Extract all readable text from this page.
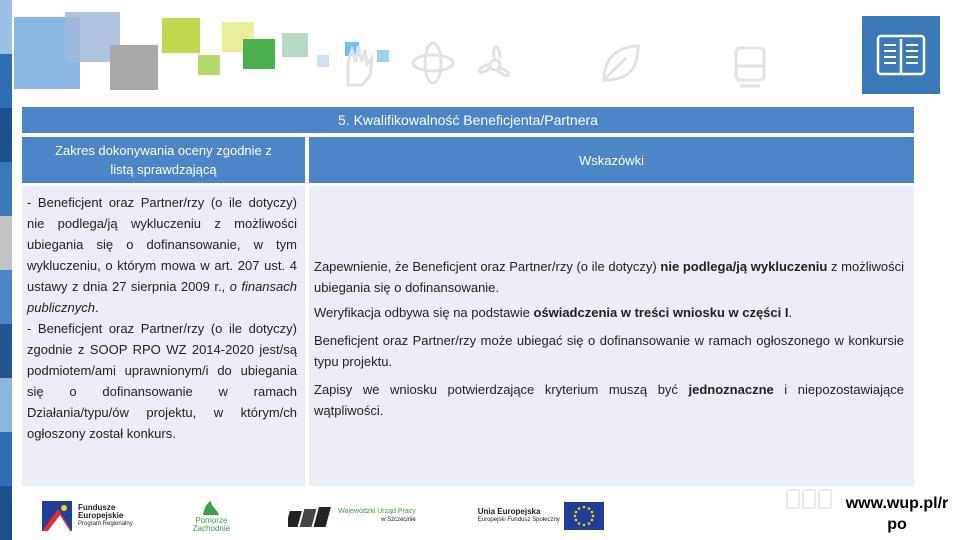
5. Kwalifikowalność Beneficjenta/Partnera
Zakres dokonywania oceny zgodnie z listą sprawdzającą
Wskazówki
- Beneficjent oraz Partner/rzy (o ile dotyczy) nie podlega/ją wykluczeniu z możliwości ubiegania się o dofinansowanie, w tym wykluczeniu, o którym mowa w art. 207 ust. 4 ustawy z dnia 27 sierpnia 2009 r., o finansach publicznych.
- Beneficjent oraz Partner/rzy (o ile dotyczy) zgodnie z SOOP RPO WZ 2014-2020 jest/są podmiotem/ami uprawnionym/i do ubiegania się o dofinansowanie w ramach Działania/typu/ów projektu, w którym/ch ogłoszony został konkurs.
Zapewnienie, że Beneficjent oraz Partner/rzy (o ile dotyczy) nie podlega/ją wykluczeniu z możliwości ubiegania się o dofinansowanie.
Weryfikacja odbywa się na podstawie oświadczenia w treści wniosku w części I.
Beneficjent oraz Partner/rzy może ubiegać się o dofinansowanie w ramach ogłoszonego w konkursie typu projektu.
Zapisy we wniosku potwierdzające kryterium muszą być jednoznaczne i niepozostawiające wątpliwości.
Fundusze
Europejskie
Program Regionalny	Pomorze
Zachodnie
Wojewódzki Urząd Pracy
w Szczecinie
Unia Europejska
Europejski Fundusz Społeczny
www.wup.pl/r po
